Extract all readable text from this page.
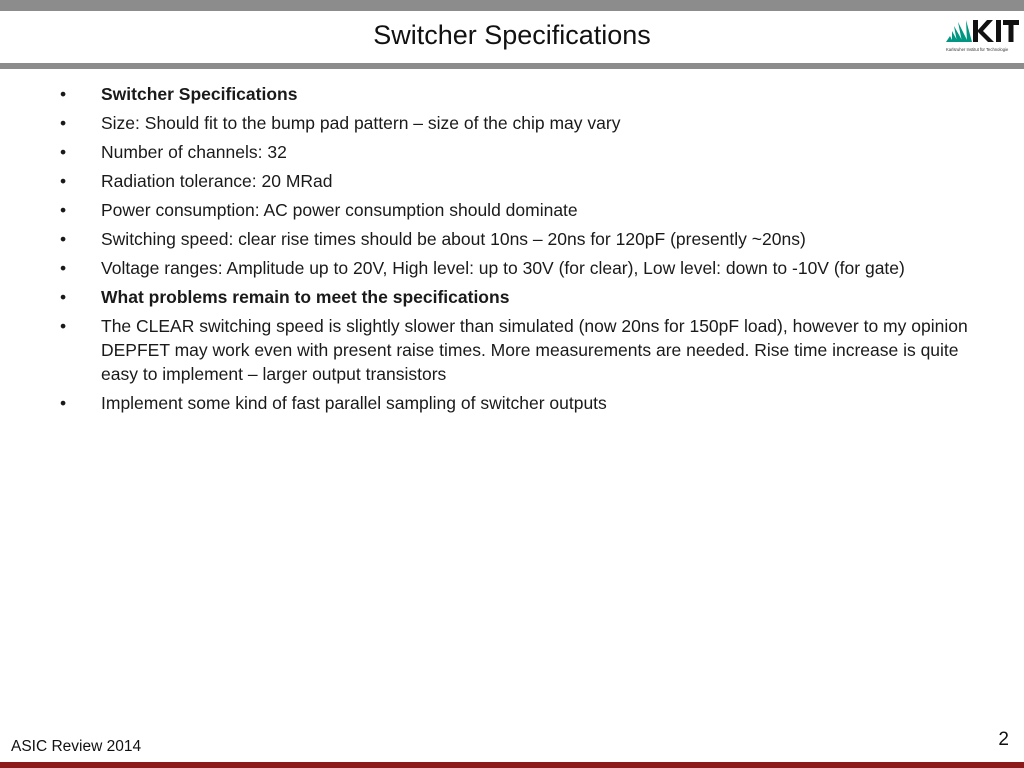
Switcher Specifications	Karlsruher Institut für Technologie
•	Switcher Specifications
•	Size: Should fit to the bump pad pattern – size of the chip may vary
•	Number of channels: 32
•	Radiation tolerance: 20 MRad
•	Power consumption: AC power consumption should dominate
•	Switching speed: clear rise times should be about 10ns – 20ns for 120pF (presently ~20ns)
•	Voltage ranges: Amplitude up to 20V, High level: up to 30V (for clear), Low level: down to -10V (for gate)
•	What problems remain to meet the specifications
•	The CLEAR switching speed is slightly slower than simulated (now 20ns for 150pF load), however to my opinion DEPFET may work even with present raise times. More measurements are needed. Rise time increase is quite easy to implement – larger output transistors
•	Implement some kind of fast parallel sampling of switcher outputs
2
ASIC Review 2014
